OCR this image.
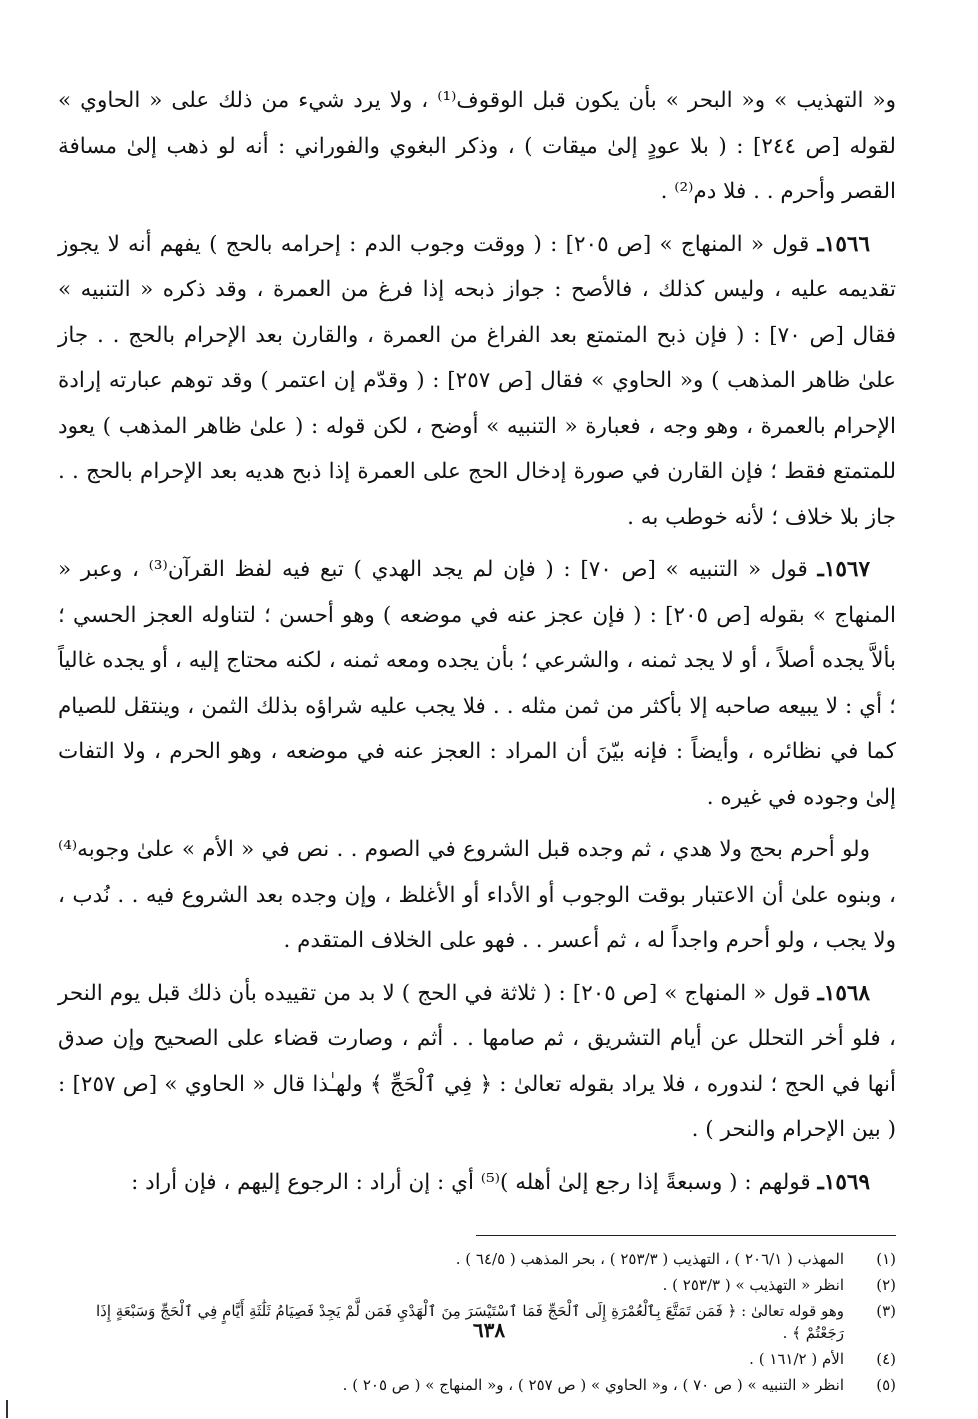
و« التهذيب » و« البحر » بأن يكون قبل الوقوف⁽¹⁾ ، ولا يرد شيء من ذلك على « الحاوي » لقوله [ص ٢٤٤] : ( بلا عودٍ إلىٰ ميقات ) ، وذكر البغوي والفوراني : أنه لو ذهب إلىٰ مسافة القصر وأحرم . . فلا دم⁽²⁾ .

١٥٦٦ـ قول « المنهاج » [ص ٢٠٥] : ( ووقت وجوب الدم : إحرامه بالحج ) يفهم أنه لا يجوز تقديمه عليه ، وليس كذلك ، فالأصح : جواز ذبحه إذا فرغ من العمرة ، وقد ذكره « التنبيه » فقال [ص ٧٠] : ( فإن ذبح المتمتع بعد الفراغ من العمرة ، والقارن بعد الإحرام بالحج . . جاز علىٰ ظاهر المذهب ) و« الحاوي » فقال [ص ٢٥٧] : ( وقدّم إن اعتمر ) وقد توهم عبارته إرادة الإحرام بالعمرة ، وهو وجه ، فعبارة « التنبيه » أوضح ، لكن قوله : ( علىٰ ظاهر المذهب ) يعود للمتمتع فقط ؛ فإن القارن في صورة إدخال الحج على العمرة إذا ذبح هديه بعد الإحرام بالحج . . جاز بلا خلاف ؛ لأنه خوطب به .

١٥٦٧ـ قول « التنبيه » [ص ٧٠] : ( فإن لم يجد الهدي ) تبع فيه لفظ القرآن⁽³⁾ ، وعبر « المنهاج » بقوله [ص ٢٠٥] : ( فإن عجز عنه في موضعه ) وهو أحسن ؛ لتناوله العجز الحسي ؛ بألاَّ يجده أصلاً ، أو لا يجد ثمنه ، والشرعي ؛ بأن يجده ومعه ثمنه ، لكنه محتاج إليه ، أو يجده غالياً ؛ أي : لا يبيعه صاحبه إلا بأكثر من ثمن مثله . . فلا يجب عليه شراؤه بذلك الثمن ، وينتقل للصيام كما في نظائره ، وأيضاً : فإنه بيّنَ أن المراد : العجز عنه في موضعه ، وهو الحرم ، ولا التفات إلىٰ وجوده في غيره .

ولو أحرم بحج ولا هدي ، ثم وجده قبل الشروع في الصوم . . نص في « الأم » علىٰ وجوبه⁽⁴⁾ ، وبنوه علىٰ أن الاعتبار بوقت الوجوب أو الأداء أو الأغلظ ، وإن وجده بعد الشروع فيه . . نُدب ، ولا يجب ، ولو أحرم واجداً له ، ثم أعسر . . فهو على الخلاف المتقدم .

١٥٦٨ـ قول « المنهاج » [ص ٢٠٥] : ( ثلاثة في الحج ) لا بد من تقييده بأن ذلك قبل يوم النحر ، فلو أخر التحلل عن أيام التشريق ، ثم صامها . . أثم ، وصارت قضاء على الصحيح وإن صدق أنها في الحج ؛ لندوره ، فلا يراد بقوله تعالىٰ : ﴿ فِي ٱلْحَجِّ ﴾ ولهـٰذا قال « الحاوي » [ص ٢٥٧] : ( بين الإحرام والنحر ) .

١٥٦٩ـ قولهم : ( وسبعةً إذا رجع إلىٰ أهله )⁽⁵⁾ أي : إن أراد : الرجوع إليهم ، فإن أراد :

(١)
المهذب ( ٢٠٦/١ ) ، التهذيب ( ٢٥٣/٣ ) ، بحر المذهب ( ٦٤/٥ ) .
(٢)
انظر « التهذيب » ( ٢٥٣/٣ ) .
(٣)
وهو قوله تعالىٰ : ﴿ فَمَن تَمَتَّعَ بِٱلْعُمْرَةِ إِلَى ٱلْحَجِّ فَمَا ٱسْتَيْسَرَ مِنَ ٱلْهَدْيِ فَمَن لَّمْ يَجِدْ فَصِيَامُ ثَلَٰثَةِ أَيَّامٍ فِي ٱلْحَجِّ وَسَبْعَةٍ إِذَا رَجَعْتُمْ ﴾ .
(٤)
الأم ( ١٦١/٢ ) .
(٥)
انظر « التنبيه » ( ص ٧٠ ) ، و« الحاوي » ( ص ٢٥٧ ) ، و« المنهاج » ( ص ٢٠٥ ) .
٦٣٨
